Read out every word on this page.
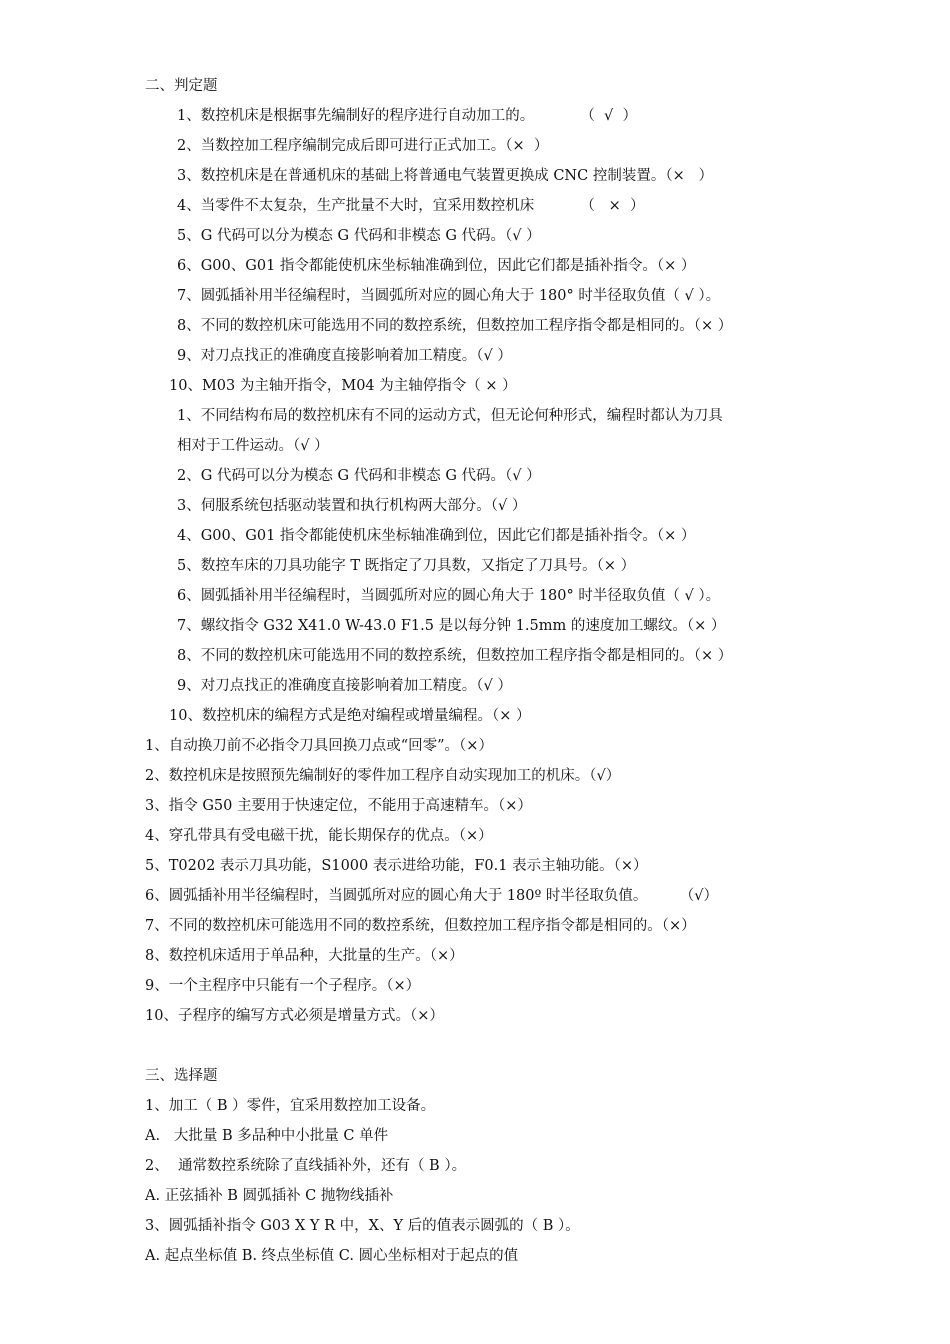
二、判定题
1、数控机床是根据事先编制好的程序进行自动加工的。          （  √  ）
2、当数控加工程序编制完成后即可进行正式加工。（×  ）
3、数控机床是在普通机床的基础上将普通电气装置更换成 CNC 控制装置。（×   ）
4、当零件不太复杂，生产批量不大时，宜采用数控机床          （   ×  ）
5、G 代码可以分为模态 G 代码和非模态 G 代码。（√ ）
6、G00、G01 指令都能使机床坐标轴准确到位，因此它们都是插补指令。（× ）
7、圆弧插补用半径编程时，当圆弧所对应的圆心角大于 180° 时半径取负值（ √ ）。
8、不同的数控机床可能选用不同的数控系统，但数控加工程序指令都是相同的。（× ）
9、对刀点找正的准确度直接影响着加工精度。（√ ）
10、M03 为主轴开指令，M04 为主轴停指令（ × ）
1、不同结构布局的数控机床有不同的运动方式，但无论何种形式，编程时都认为刀具
相对于工件运动。（√ ）
2、G 代码可以分为模态 G 代码和非模态 G 代码。（√ ）
3、伺服系统包括驱动装置和执行机构两大部分。（√ ）
4、G00、G01 指令都能使机床坐标轴准确到位，因此它们都是插补指令。（× ）
5、数控车床的刀具功能字 T 既指定了刀具数，又指定了刀具号。（× ）
6、圆弧插补用半径编程时，当圆弧所对应的圆心角大于 180° 时半径取负值（ √ ）。
7、螺纹指令 G32 X41.0 W-43.0 F1.5 是以每分钟 1.5mm 的速度加工螺纹。（× ）
8、不同的数控机床可能选用不同的数控系统，但数控加工程序指令都是相同的。（× ）
9、对刀点找正的准确度直接影响着加工精度。（√ ）
10、数控机床的编程方式是绝对编程或增量编程。（× ）
1、自动换刀前不必指令刀具回换刀点或“回零”。（×）
2、数控机床是按照预先编制好的零件加工程序自动实现加工的机床。（√）
3、指令 G50 主要用于快速定位，不能用于高速精车。（×）
4、穿孔带具有受电磁干扰，能长期保存的优点。（×）
5、T0202 表示刀具功能，S1000 表示进给功能，F0.1 表示主轴功能。（×）
6、圆弧插补用半径编程时，当圆弧所对应的圆心角大于 180º 时半径取负值。       （√）
7、不同的数控机床可能选用不同的数控系统，但数控加工程序指令都是相同的。（×）
8、数控机床适用于单品种，大批量的生产。（×）
9、一个主程序中只能有一个子程序。（×）
10、子程序的编写方式必须是增量方式。（×）
三、选择题
1、加工（ B ）零件，宜采用数控加工设备。
A.   大批量 B 多品种中小批量 C 单件
2、  通常数控系统除了直线插补外，还有（ B ）。
A. 正弦插补 B 圆弧插补 C 抛物线插补
3、圆弧插补指令 G03 X Y R 中，X、Y 后的值表示圆弧的（ B ）。
A. 起点坐标值 B. 终点坐标值 C. 圆心坐标相对于起点的值
